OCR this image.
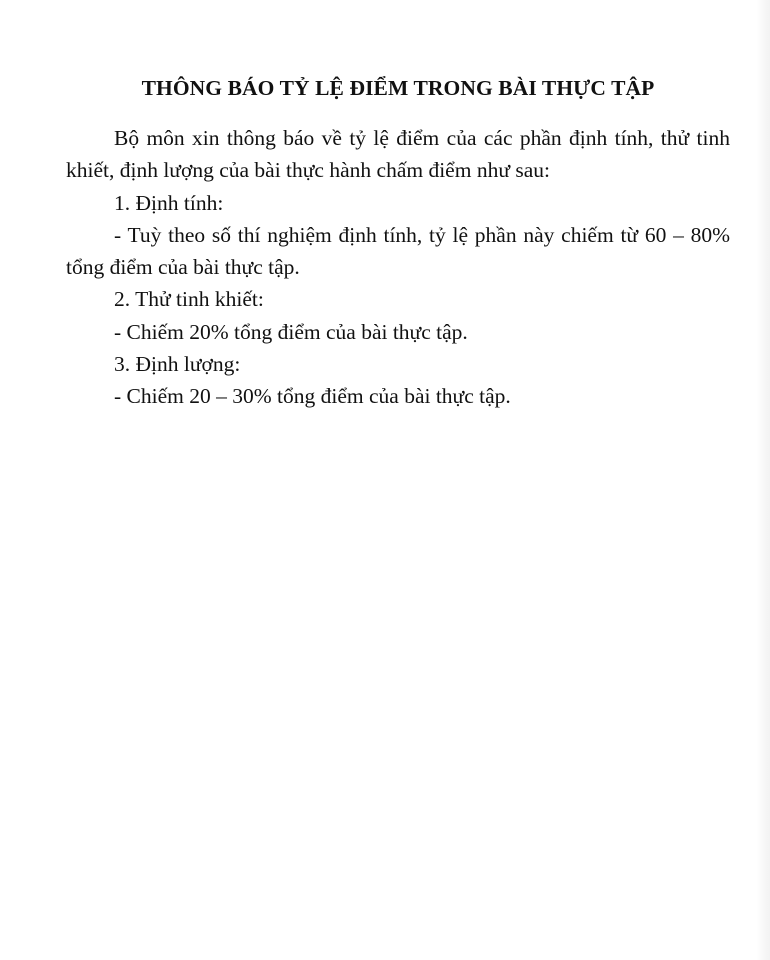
THÔNG BÁO TỶ LỆ ĐIỂM TRONG BÀI THỰC TẬP

Bộ môn xin thông báo về tỷ lệ điểm của các phần định tính, thử tinh khiết, định lượng của bài thực hành chấm điểm như sau:

1. Định tính:

- Tuỳ theo số thí nghiệm định tính, tỷ lệ phần này chiếm từ 60 – 80% tổng điểm của bài thực tập.

2. Thử tinh khiết:

- Chiếm 20% tổng điểm của bài thực tập.

3. Định lượng:

- Chiếm 20 – 30% tổng điểm của bài thực tập.
